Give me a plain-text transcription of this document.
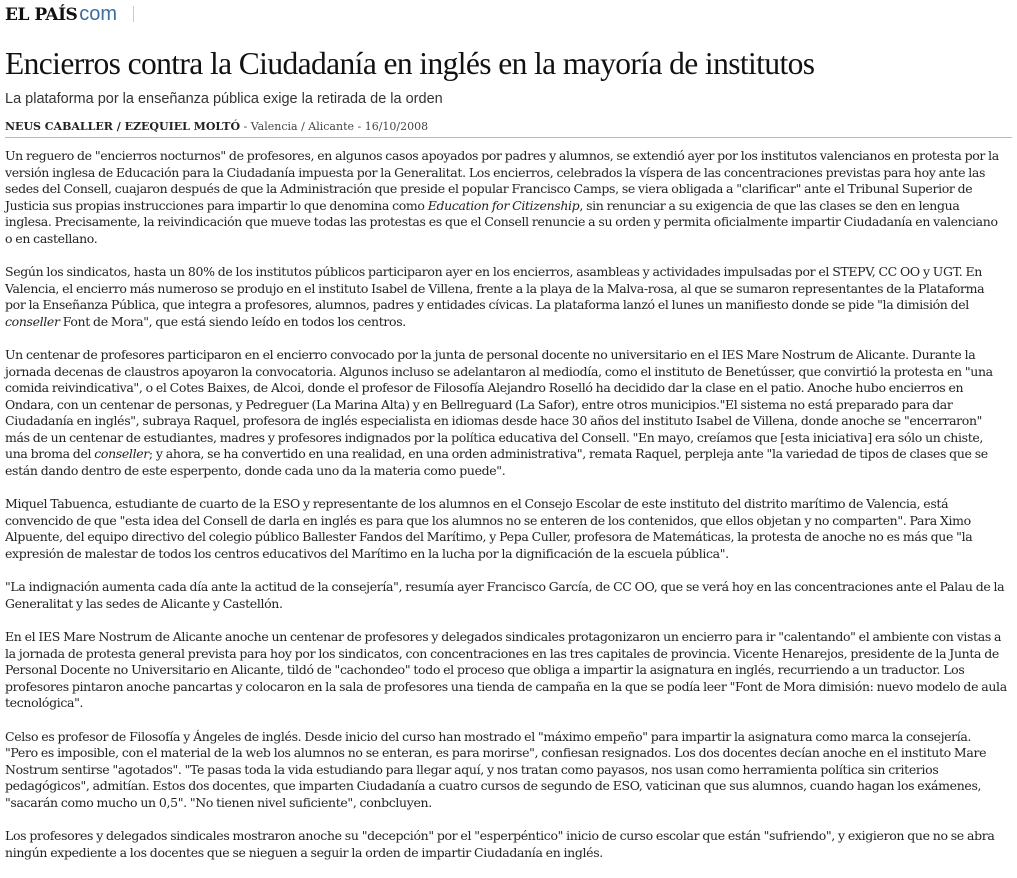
EL PAÍS com
Encierros contra la Ciudadanía en inglés en la mayoría de institutos
La plataforma por la enseñanza pública exige la retirada de la orden
NEUS CABALLER / EZEQUIEL MOLTÓ - Valencia / Alicante - 16/10/2008

Un reguero de "encierros nocturnos" de profesores, en algunos casos apoyados por padres y alumnos, se extendió ayer por los institutos valencianos en protesta por la versión inglesa de Educación para la Ciudadanía impuesta por la Generalitat. Los encierros, celebrados la víspera de las concentraciones previstas para hoy ante las sedes del Consell, cuajaron después de que la Administración que preside el popular Francisco Camps, se viera obligada a "clarificar" ante el Tribunal Superior de Justicia sus propias instrucciones para impartir lo que denomina como Education for Citizenship, sin renunciar a su exigencia de que las clases se den en lengua inglesa. Precisamente, la reivindicación que mueve todas las protestas es que el Consell renuncie a su orden y permita oficialmente impartir Ciudadanía en valenciano o en castellano.

Según los sindicatos, hasta un 80% de los institutos públicos participaron ayer en los encierros, asambleas y actividades impulsadas por el STEPV, CC OO y UGT. En Valencia, el encierro más numeroso se produjo en el instituto Isabel de Villena, frente a la playa de la Malva-rosa, al que se sumaron representantes de la Plataforma por la Enseñanza Pública, que integra a profesores, alumnos, padres y entidades cívicas. La plataforma lanzó el lunes un manifiesto donde se pide "la dimisión del conseller Font de Mora", que está siendo leído en todos los centros.

Un centenar de profesores participaron en el encierro convocado por la junta de personal docente no universitario en el IES Mare Nostrum de Alicante. Durante la jornada decenas de claustros apoyaron la convocatoria. Algunos incluso se adelantaron al mediodía, como el instituto de Benetússer, que convirtió la protesta en "una comida reivindicativa", o el Cotes Baixes, de Alcoi, donde el profesor de Filosofía Alejandro Roselló ha decidido dar la clase en el patio. Anoche hubo encierros en Ondara, con un centenar de personas, y Pedreguer (La Marina Alta) y en Bellreguard (La Safor), entre otros municipios."El sistema no está preparado para dar Ciudadanía en inglés", subraya Raquel, profesora de inglés especialista en idiomas desde hace 30 años del instituto Isabel de Villena, donde anoche se "encerraron" más de un centenar de estudiantes, madres y profesores indignados por la política educativa del Consell. "En mayo, creíamos que [esta iniciativa] era sólo un chiste, una broma del conseller; y ahora, se ha convertido en una realidad, en una orden administrativa", remata Raquel, perpleja ante "la variedad de tipos de clases que se están dando dentro de este esperpento, donde cada uno da la materia como puede".

Miquel Tabuenca, estudiante de cuarto de la ESO y representante de los alumnos en el Consejo Escolar de este instituto del distrito marítimo de Valencia, está convencido de que "esta idea del Consell de darla en inglés es para que los alumnos no se enteren de los contenidos, que ellos objetan y no comparten". Para Ximo Alpuente, del equipo directivo del colegio público Ballester Fandos del Marítimo, y Pepa Culler, profesora de Matemáticas, la protesta de anoche no es más que "la expresión de malestar de todos los centros educativos del Marítimo en la lucha por la dignificación de la escuela pública".

"La indignación aumenta cada día ante la actitud de la consejería", resumía ayer Francisco García, de CC OO, que se verá hoy en las concentraciones ante el Palau de la Generalitat y las sedes de Alicante y Castellón.

En el IES Mare Nostrum de Alicante anoche un centenar de profesores y delegados sindicales protagonizaron un encierro para ir "calentando" el ambiente con vistas a la jornada de protesta general prevista para hoy por los sindicatos, con concentraciones en las tres capitales de provincia. Vicente Henarejos, presidente de la Junta de Personal Docente no Universitario en Alicante, tildó de "cachondeo" todo el proceso que obliga a impartir la asignatura en inglés, recurriendo a un traductor. Los profesores pintaron anoche pancartas y colocaron en la sala de profesores una tienda de campaña en la que se podía leer "Font de Mora dimisión: nuevo modelo de aula tecnológica".

Celso es profesor de Filosofía y Ángeles de inglés. Desde inicio del curso han mostrado el "máximo empeño" para impartir la asignatura como marca la consejería. "Pero es imposible, con el material de la web los alumnos no se enteran, es para morirse", confiesan resignados. Los dos docentes decían anoche en el instituto Mare Nostrum sentirse "agotados". "Te pasas toda la vida estudiando para llegar aquí, y nos tratan como payasos, nos usan como herramienta política sin criterios pedagógicos", admitían. Estos dos docentes, que imparten Ciudadanía a cuatro cursos de segundo de ESO, vaticinan que sus alumnos, cuando hagan los exámenes, "sacarán como mucho un 0,5". "No tienen nivel suficiente", conbcluyen.

Los profesores y delegados sindicales mostraron anoche su "decepción" por el "esperpéntico" inicio de curso escolar que están "sufriendo", y exigieron que no se abra ningún expediente a los docentes que se nieguen a seguir la orden de impartir Ciudadanía en inglés.
